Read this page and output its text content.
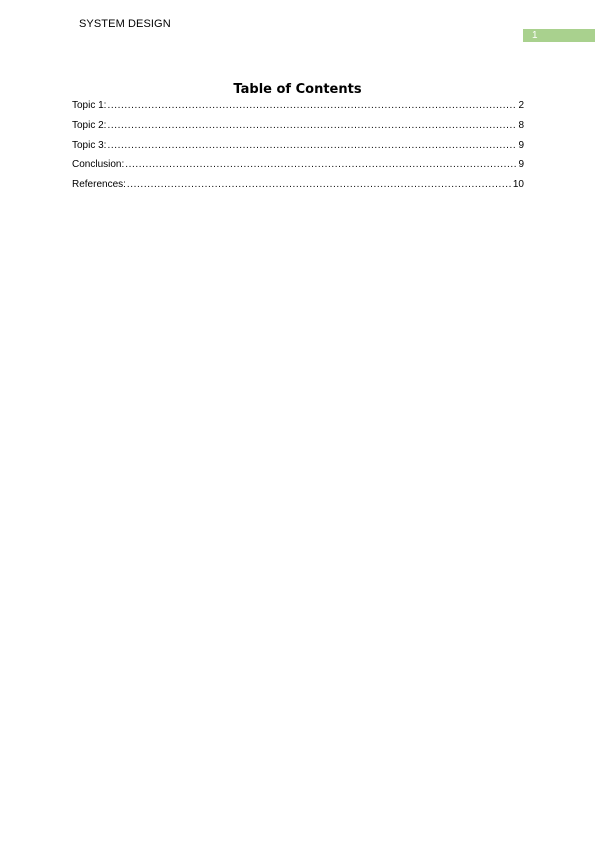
SYSTEM DESIGN
1
Table of Contents
Topic 1: .....	2
Topic 2: .....	8
Topic 3: .....	9
Conclusion: .....	9
References: .....	10
